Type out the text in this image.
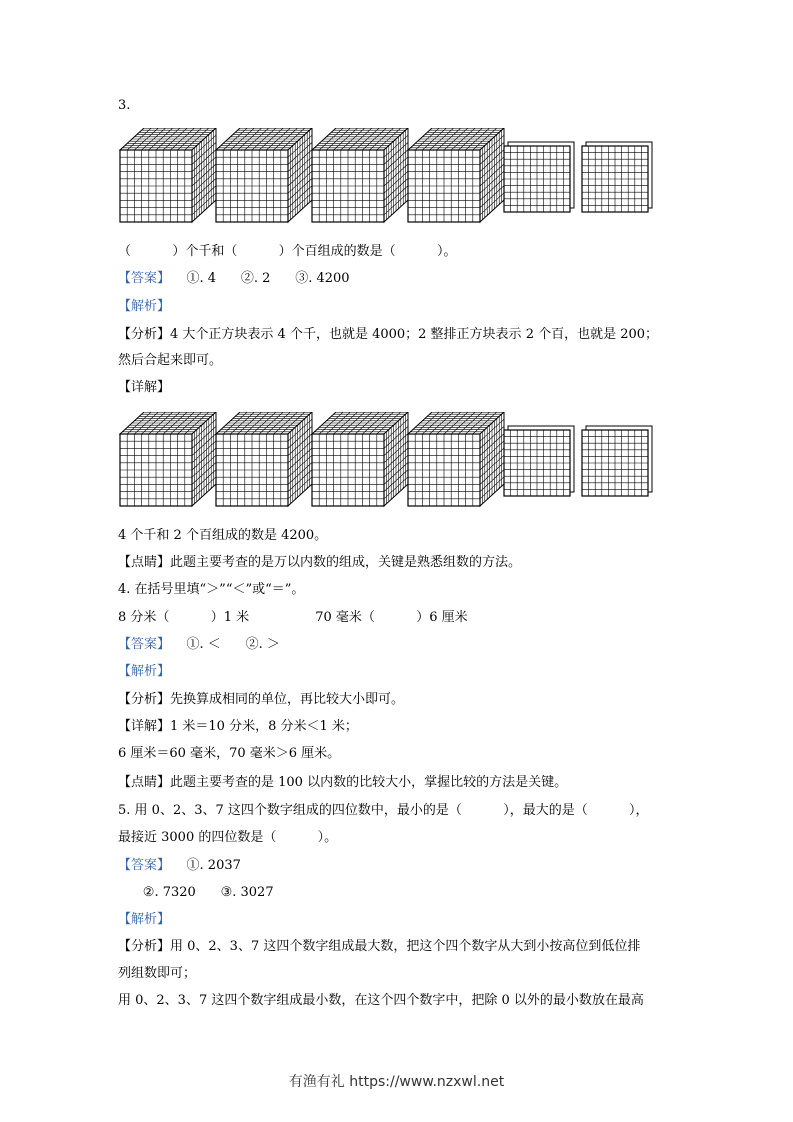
3.
（          ）个千和（          ）个百组成的数是（          ）。
【答案】    ①. 4      ②. 2      ③. 4200
【解析】
【分析】4 大个正方块表示 4 个千，也就是 4000；2 整排正方块表示 2 个百，也就是 200；
然后合起来即可。
【详解】
4 个千和 2 个百组成的数是 4200。
【点睛】此题主要考查的是万以内数的组成，关键是熟悉组数的方法。
4. 在括号里填“＞”“＜”或“＝”。
8 分米（          ）1 米                70 毫米（          ）6 厘米
【答案】    ①. ＜      ②. ＞
【解析】
【分析】先换算成相同的单位，再比较大小即可。
【详解】1 米＝10 分米，8 分米＜1 米；
6 厘米＝60 毫米，70 毫米＞6 厘米。
【点睛】此题主要考查的是 100 以内数的比较大小，掌握比较的方法是关键。
5. 用 0、2、3、7 这四个数字组成的四位数中，最小的是（          ），最大的是（          ），
最接近 3000 的四位数是（          ）。
【答案】    ①. 2037
②. 7320      ③. 3027
【解析】
【分析】用 0、2、3、7 这四个数字组成最大数，把这个四个数字从大到小按高位到低位排
列组数即可；
用 0、2、3、7 这四个数字组成最小数，在这个四个数字中，把除 0 以外的最小数放在最高
有渔有礼 https://www.nzxwl.net
